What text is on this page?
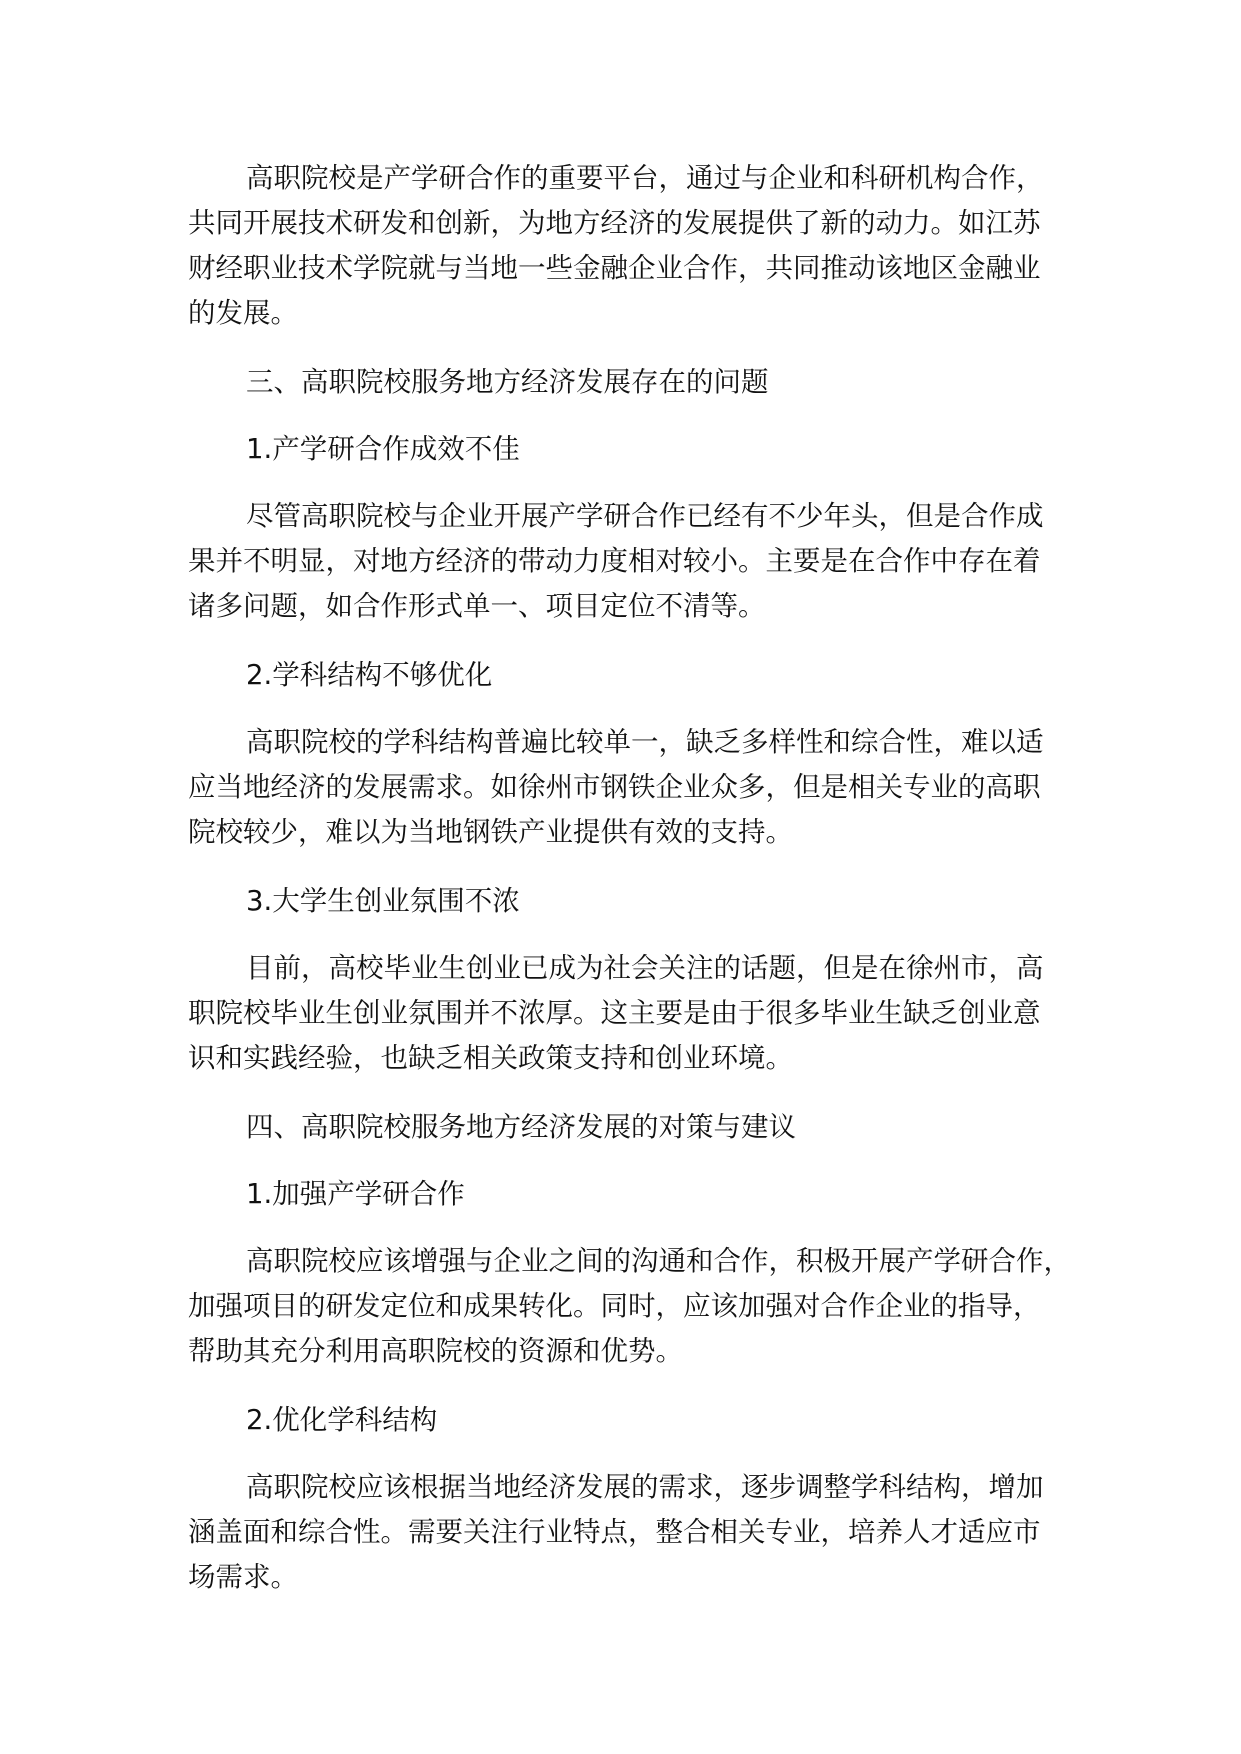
高职院校是产学研合作的重要平台，通过与企业和科研机构合作，
共同开展技术研发和创新，为地方经济的发展提供了新的动力。如江苏
财经职业技术学院就与当地一些金融企业合作，共同推动该地区金融业
的发展。
三、高职院校服务地方经济发展存在的问题
1.产学研合作成效不佳
尽管高职院校与企业开展产学研合作已经有不少年头，但是合作成
果并不明显，对地方经济的带动力度相对较小。主要是在合作中存在着
诸多问题，如合作形式单一、项目定位不清等。
2.学科结构不够优化
高职院校的学科结构普遍比较单一，缺乏多样性和综合性，难以适
应当地经济的发展需求。如徐州市钢铁企业众多，但是相关专业的高职
院校较少，难以为当地钢铁产业提供有效的支持。
3.大学生创业氛围不浓
目前，高校毕业生创业已成为社会关注的话题，但是在徐州市，高
职院校毕业生创业氛围并不浓厚。这主要是由于很多毕业生缺乏创业意
识和实践经验，也缺乏相关政策支持和创业环境。
四、高职院校服务地方经济发展的对策与建议
1.加强产学研合作
高职院校应该增强与企业之间的沟通和合作，积极开展产学研合作，
加强项目的研发定位和成果转化。同时，应该加强对合作企业的指导，
帮助其充分利用高职院校的资源和优势。
2.优化学科结构
高职院校应该根据当地经济发展的需求，逐步调整学科结构，增加
涵盖面和综合性。需要关注行业特点，整合相关专业，培养人才适应市
场需求。
